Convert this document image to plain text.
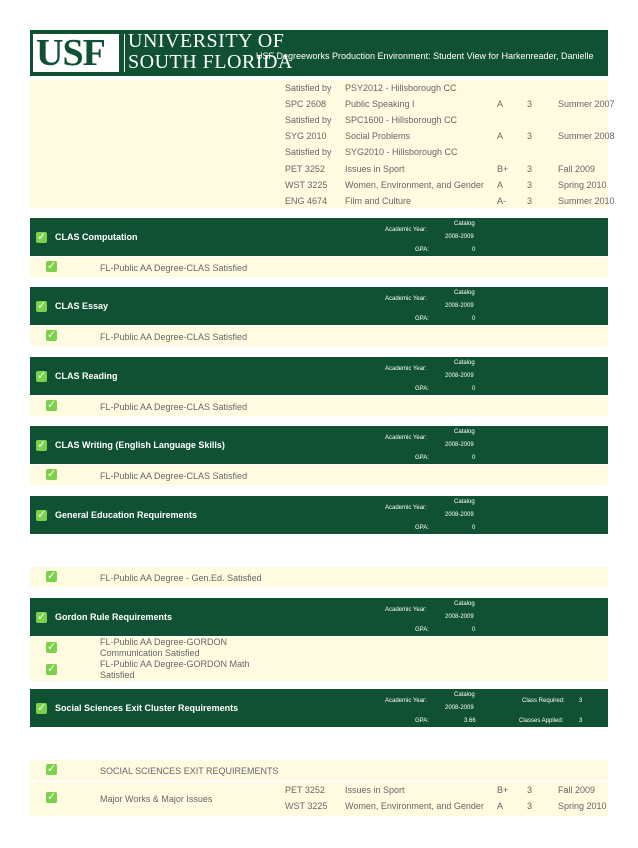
USF UNIVERSITY OF
SOUTH FLORIDA
USF Degreeworks Production Environment: Student View for Harkenreader, Danielle
Satisfied by PSY2012 - Hillsborough CC
SPC 2608 Public Speaking I	A	3	Summer 2007
Satisfied by SPC1600 - Hillsborough CC
SYG 2010 Social Problems	A	3	Summer 2008
Satisfied by SYG2010 - Hillsborough CC
PET 3252 Issues in Sport	B+ 3	Fall 2009
WST 3225 Women, Environment, and Gender A	3	Spring 2010
ENG 4674 Film and Culture	A- 3	Summer 2010
✓
CLAS Computation
Catalog
Academic Year:
2008-2009
GPA:	0
✓
FL-Public AA Degree-CLAS Satisfied
✓
CLAS Essay
Catalog
Academic Year:
2008-2009
GPA:	0
✓
FL-Public AA Degree-CLAS Satisfied
✓
CLAS Reading
Catalog
Academic Year:
2008-2009
GPA:	0
✓
FL-Public AA Degree-CLAS Satisfied
✓
CLAS Writing (English Language Skills)
Catalog
Academic Year:
2008-2009
GPA:	0
✓
FL-Public AA Degree-CLAS Satisfied
✓
General Education Requirements
Catalog
Academic Year:
2008-2009
GPA:	0
✓
FL-Public AA Degree - Gen.Ed. Satisfied
✓
Gordon Rule Requirements
Catalog
Academic Year:
2008-2009
GPA:	0
✓
FL-Public AA Degree-GORDON
Communication Satisfied
✓
FL-Public AA Degree-GORDON Math
Satisfied
✓
Social Sciences Exit Cluster Requirements
Catalog
Academic Year:
2008-2009
GPA:	3.66
Class Required: 3
Classes Applied:	3
✓
SOCIAL SCIENCES EXIT REQUIREMENTS
✓
Major Works & Major Issues
PET 3252 Issues in Sport	B+ 3	Fall 2009
WST 3225 Women, Environment, and Gender A	3	Spring 2010
